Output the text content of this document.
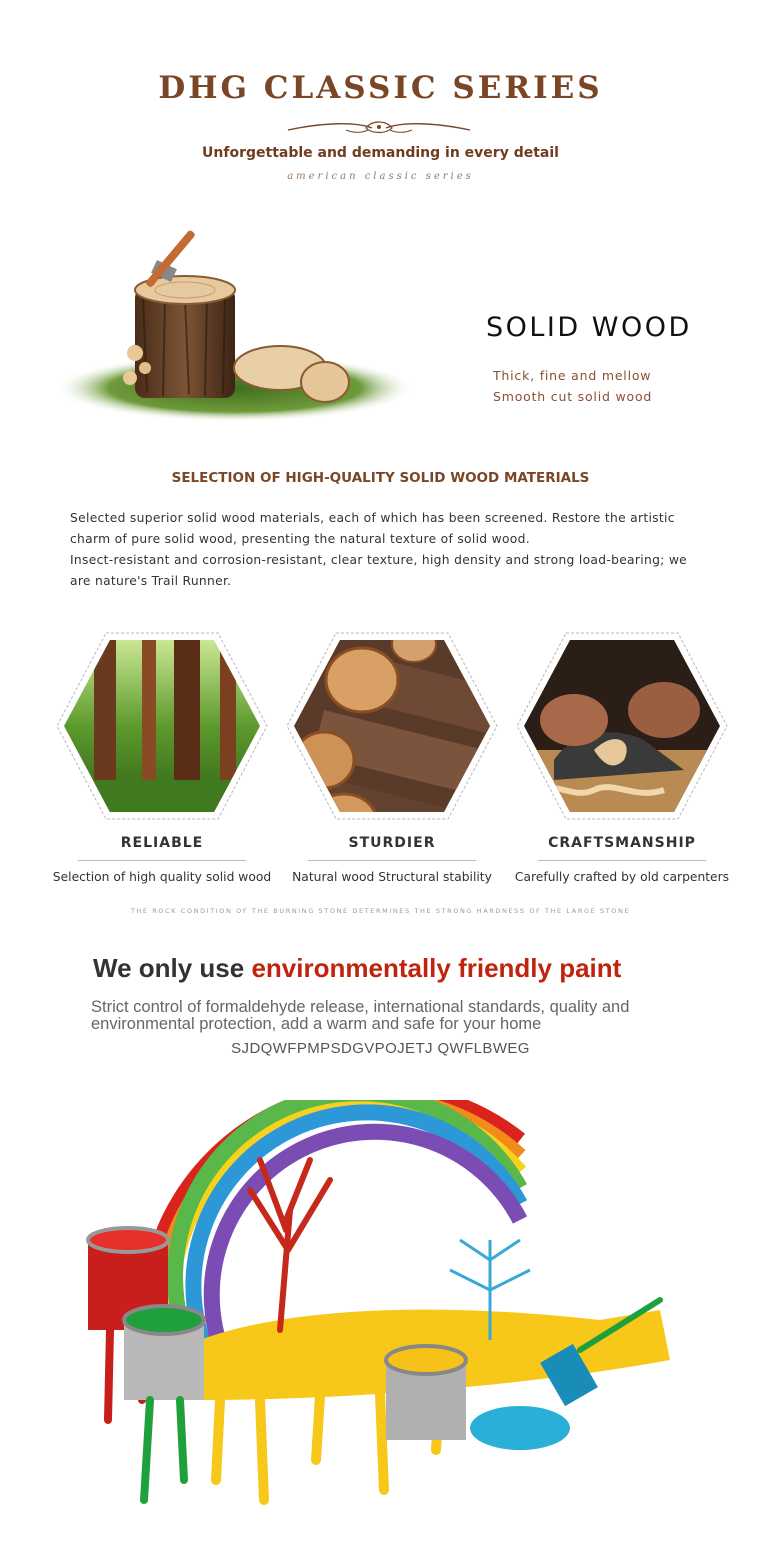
DHG CLASSIC SERIES
Unforgettable and demanding in every detail
american classic series
SOLID WOOD
Thick, fine and mellow
Smooth cut solid wood
SELECTION OF HIGH-QUALITY SOLID WOOD MATERIALS

Selected superior solid wood materials, each of which has been screened. Restore the artistic charm of pure solid wood, presenting the natural texture of solid wood.

Insect-resistant and corrosion-resistant, clear texture, high density and strong load-bearing; we are nature's Trail Runner.

RELIABLE
Selection of high quality solid wood
STURDIER
Natural wood Structural stability
CRAFTSMANSHIP
Carefully crafted by old carpenters
THE ROCK CONDITION OF THE BURNING STONE DETERMINES THE STRONG HARDNESS OF THE LARGE STONE
We only use environmentally friendly paint
Strict control of formaldehyde release, international standards, quality and environmental protection, add a warm and safe for your home
SJDQWFPMPSDGVPOJETJ QWFLBWEG
